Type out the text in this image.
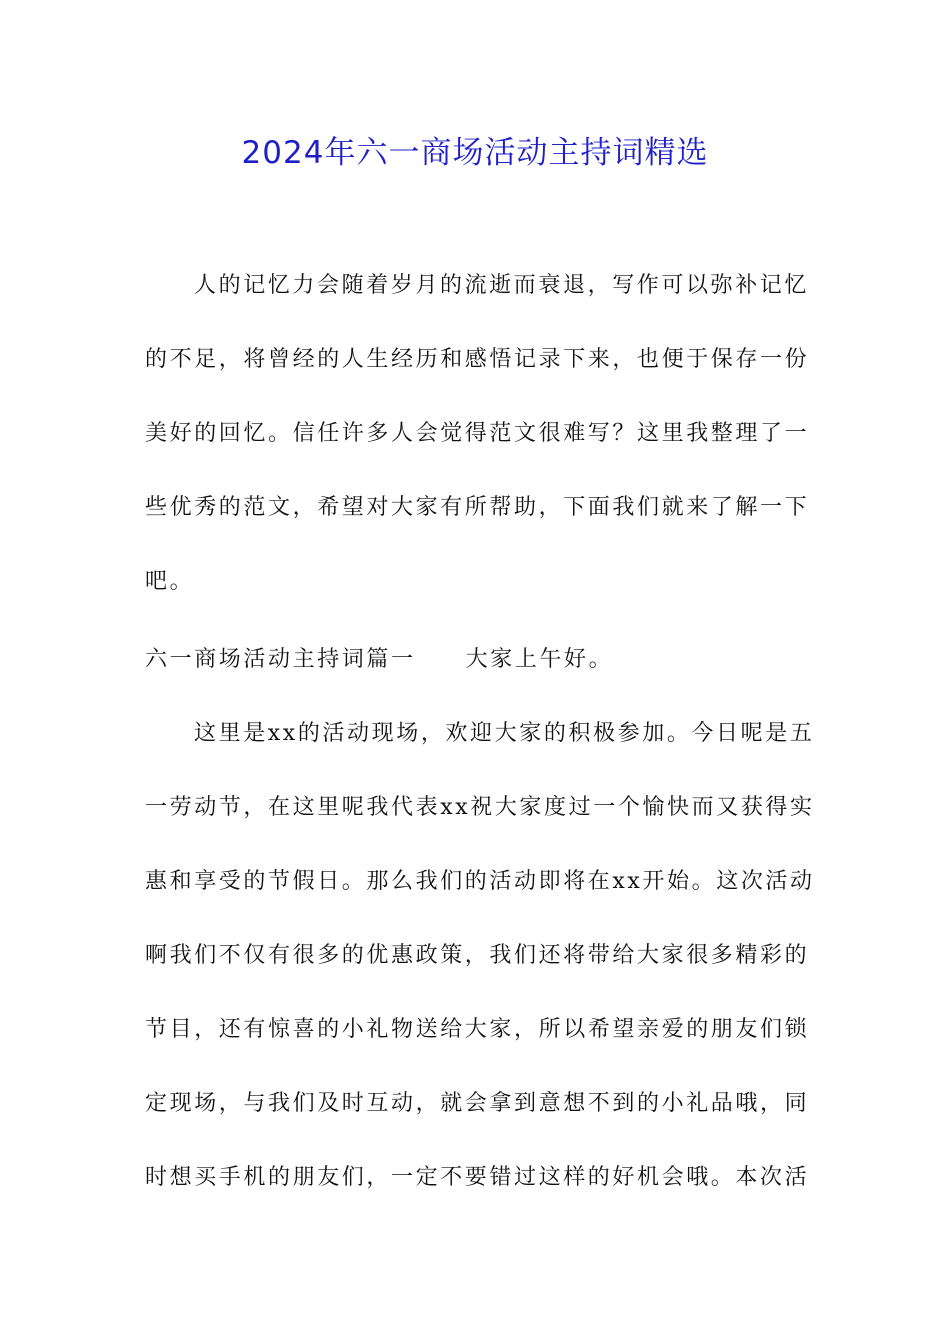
2024年六一商场活动主持词精选
人的记忆力会随着岁月的流逝而衰退，写作可以弥补记忆
的不足，将曾经的人生经历和感悟记录下来，也便于保存一份
美好的回忆。信任许多人会觉得范文很难写？这里我整理了一
些优秀的范文，希望对大家有所帮助，下面我们就来了解一下
吧。
六一商场活动主持词篇一 大家上午好。
这里是xx的活动现场，欢迎大家的积极参加。今日呢是五
一劳动节，在这里呢我代表xx祝大家度过一个愉快而又获得实
惠和享受的节假日。那么我们的活动即将在xx开始。这次活动
啊我们不仅有很多的优惠政策，我们还将带给大家很多精彩的
节目，还有惊喜的小礼物送给大家，所以希望亲爱的朋友们锁
定现场，与我们及时互动，就会拿到意想不到的小礼品哦，同
时想买手机的朋友们，一定不要错过这样的好机会哦。本次活
